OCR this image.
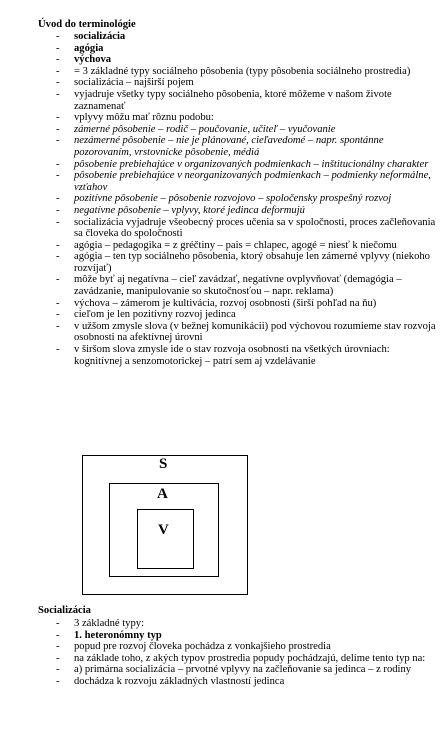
Úvod do terminológie
- socializácia
- agógia
- výchova
- = 3 základné typy sociálneho pôsobenia (typy pôsobenia sociálneho prostredia)
- socializácia – najširší pojem
- vyjadruje všetky typy sociálneho pôsobenia, ktoré môžeme v našom živote zaznamenať
- vplyvy môžu mať rôznu podobu:
- zámerné pôsobenie – rodič – poučovanie, učiteľ – vyučovanie
- nezámerné pôsobenie – nie je plánované, cieľavedomé – napr. spontánne pozorovaním, vrstovnícke pôsobenie, médiá
- pôsobenie prebiehajúce v organizovaných podmienkach – inštitucionálny charakter
- pôsobenie prebiehajúce v neorganizovaných podmienkach – podmienky neformálne, vzťahov
- pozitívne pôsobenie – pôsobenie rozvojovo – spoločensky prospešný rozvoj
- negatívne pôsobenie – vplyvy, ktoré jedinca deformujú
- socializácia vyjadruje všeobecný proces učenia sa v spoločnosti, proces začleňovania sa človeka do spoločnosti
- agógia – pedagogika = z gréčtiny – pais = chlapec, agogé = niesť k niečomu
- agógia – ten typ sociálneho pôsobenia, ktorý obsahuje len zámerné vplyvy (niekoho rozvíjať)
- môže byť aj negatívna – cieľ zavádzať, negatívne ovplyvňovať (demagógia – zavádzanie, manipulovanie so skutočnosťou – napr. reklama)
- výchova – zámerom je kultivácia, rozvoj osobnosti (širší pohľad na ňu)
- cieľom je len pozitívny rozvoj jedinca
- v užšom zmysle slova (v bežnej komunikácii) pod výchovou rozumieme stav rozvoja osobnosti na afektívnej úrovni
- v širšom slova zmysle ide o stav rozvoja osobnosti na všetkých úrovniach: kognitívnej a senzomotorickej – patrí sem aj vzdelávanie
S
A
V
Socializácia
- 3 základné typy:
- 1. heteronómny typ
- popud pre rozvoj človeka pochádza z vonkajšieho prostredia
- na základe toho, z akých typov prostredia popudy pochádzajú, delíme tento typ na:
- a) primárna socializácia – prvotné vplyvy na začleňovanie sa jedinca – z rodiny
- dochádza k rozvoju základných vlastností jedinca
